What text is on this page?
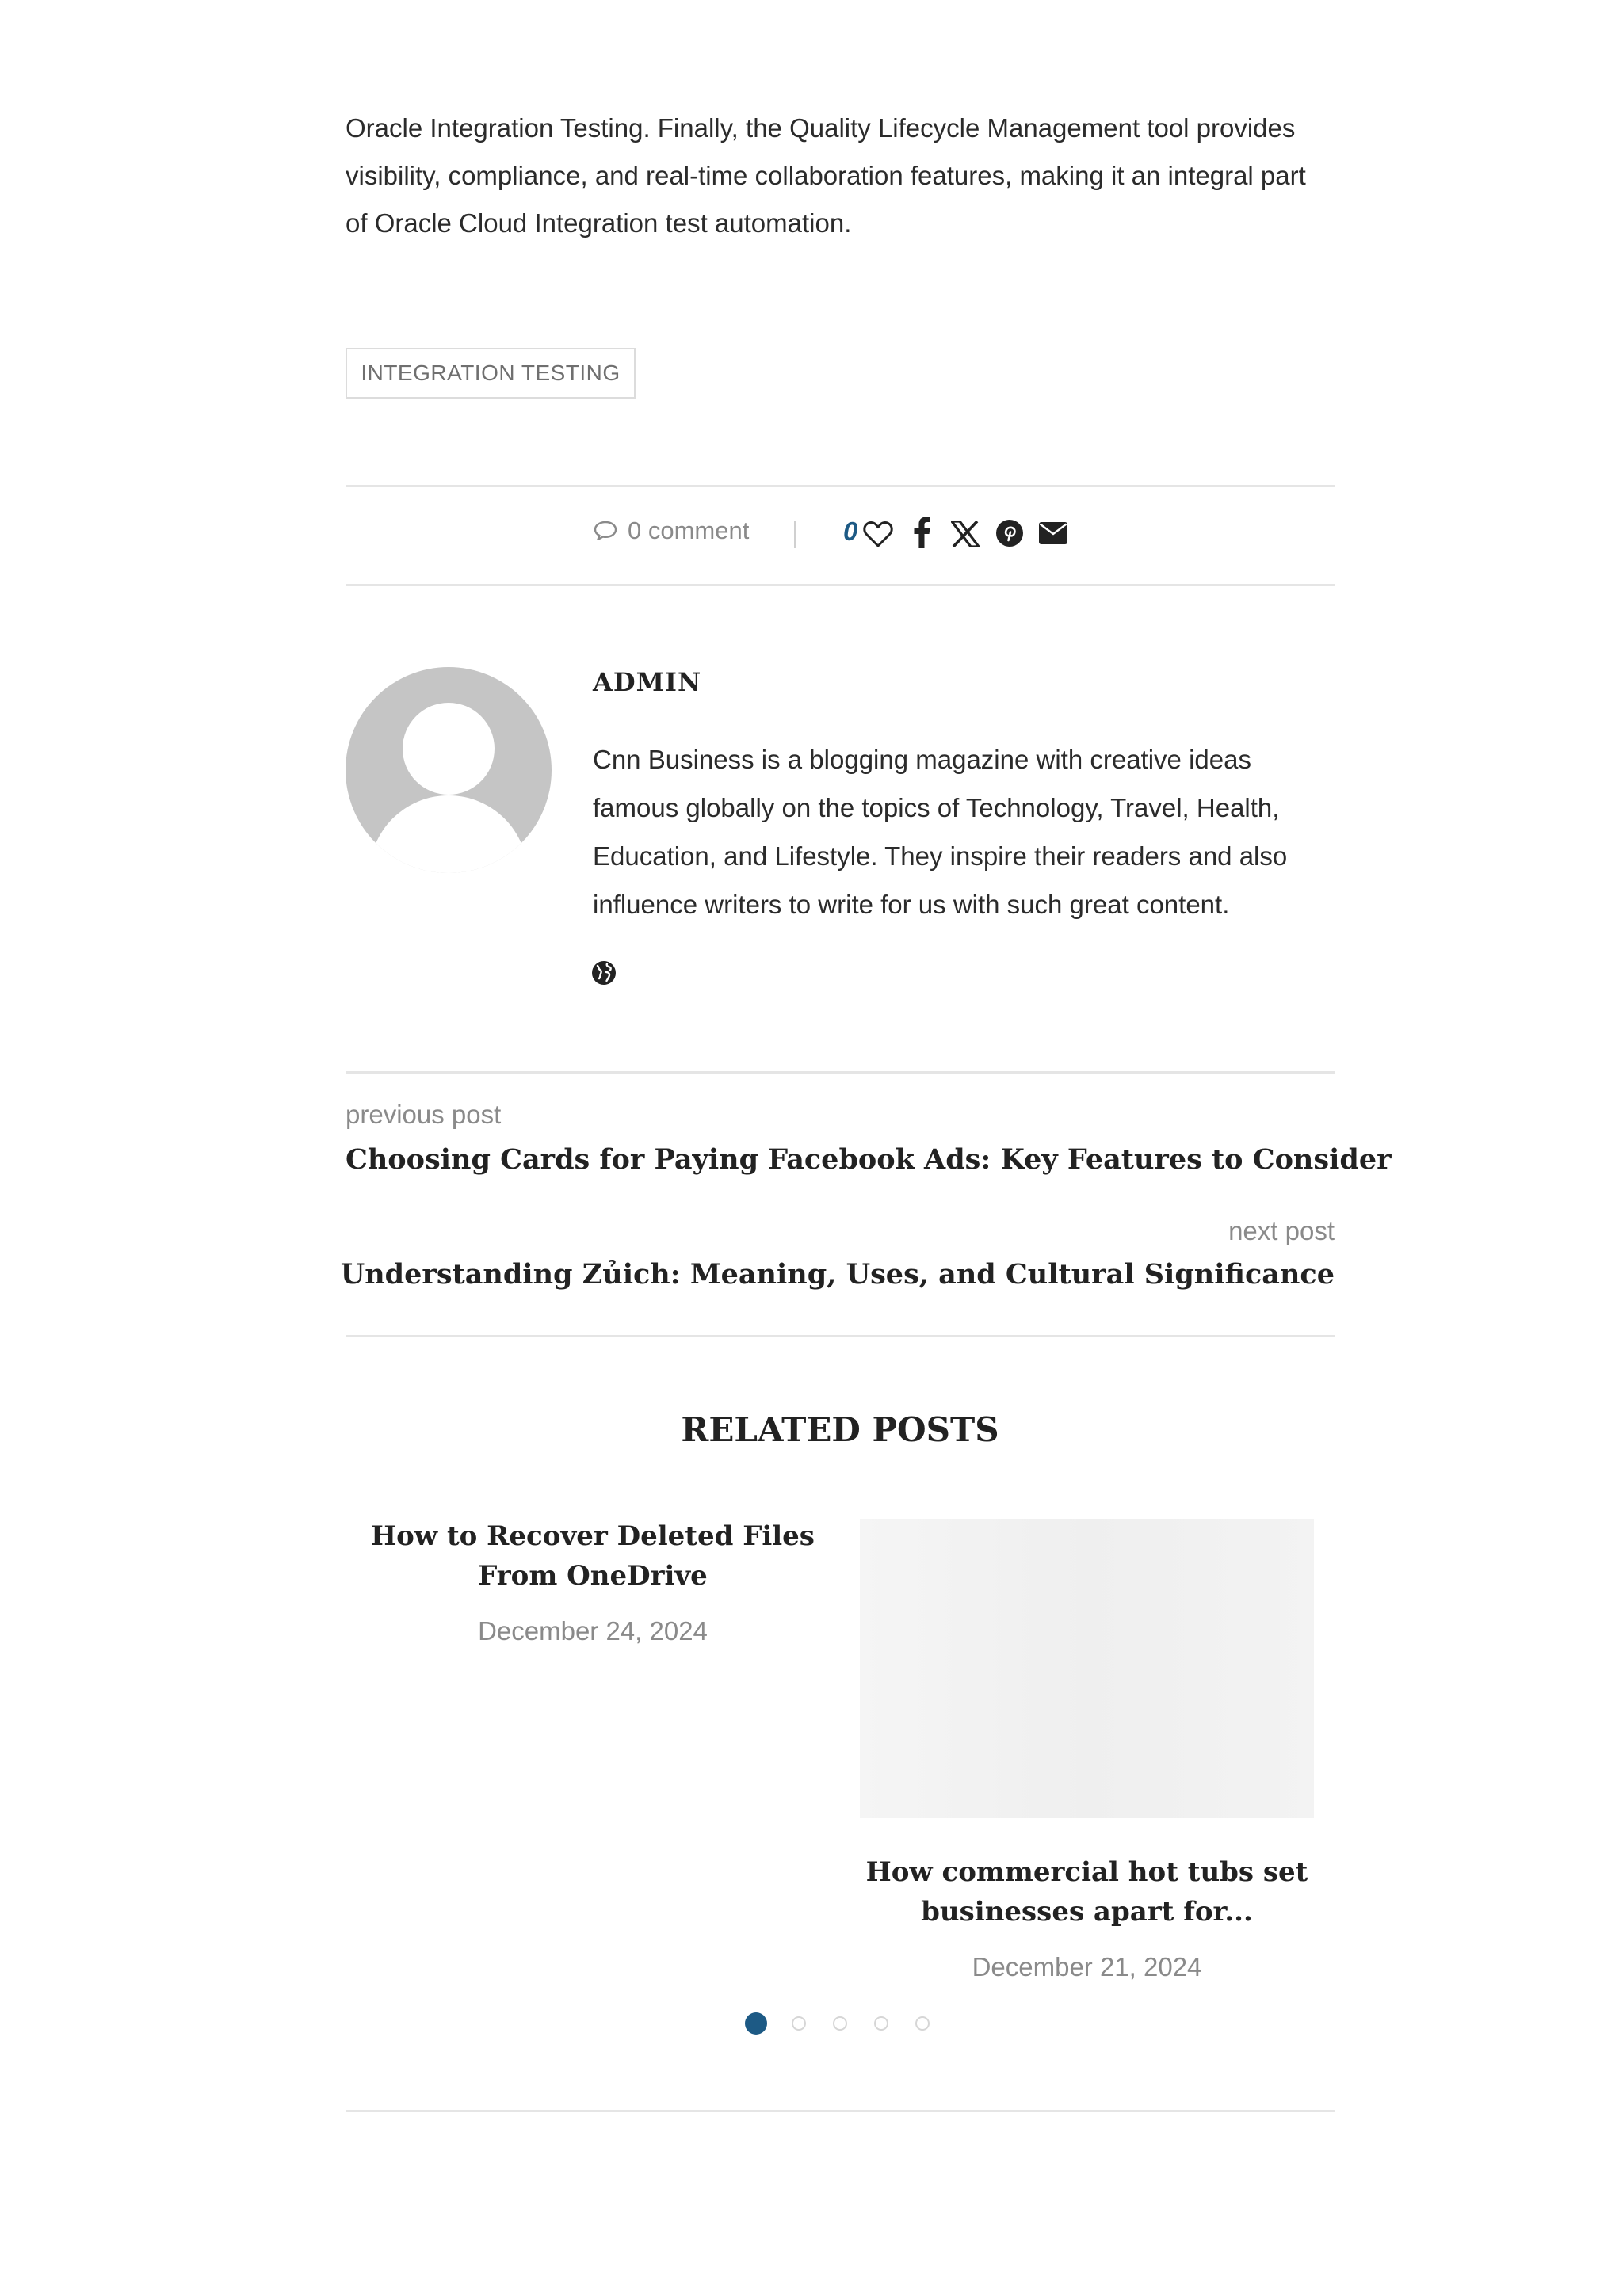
Oracle Integration Testing. Finally, the Quality Lifecycle Management tool provides visibility, compliance, and real-time collaboration features, making it an integral part of Oracle Cloud Integration test automation.

INTEGRATION TESTING
0 comment	0
ADMIN

Cnn Business is a blogging magazine with creative ideas famous globally on the topics of Technology, Travel, Health, Education, and Lifestyle. They inspire their readers and also influence writers to write for us with such great content.

previous post
Choosing Cards for Paying Facebook Ads: Key Features to Consider
next post
Understanding Zủich: Meaning, Uses, and Cultural Significance
RELATED POSTS
How to Recover Deleted Files
From OneDrive
December 24, 2024
How commercial hot tubs set
businesses apart for...
December 21, 2024
